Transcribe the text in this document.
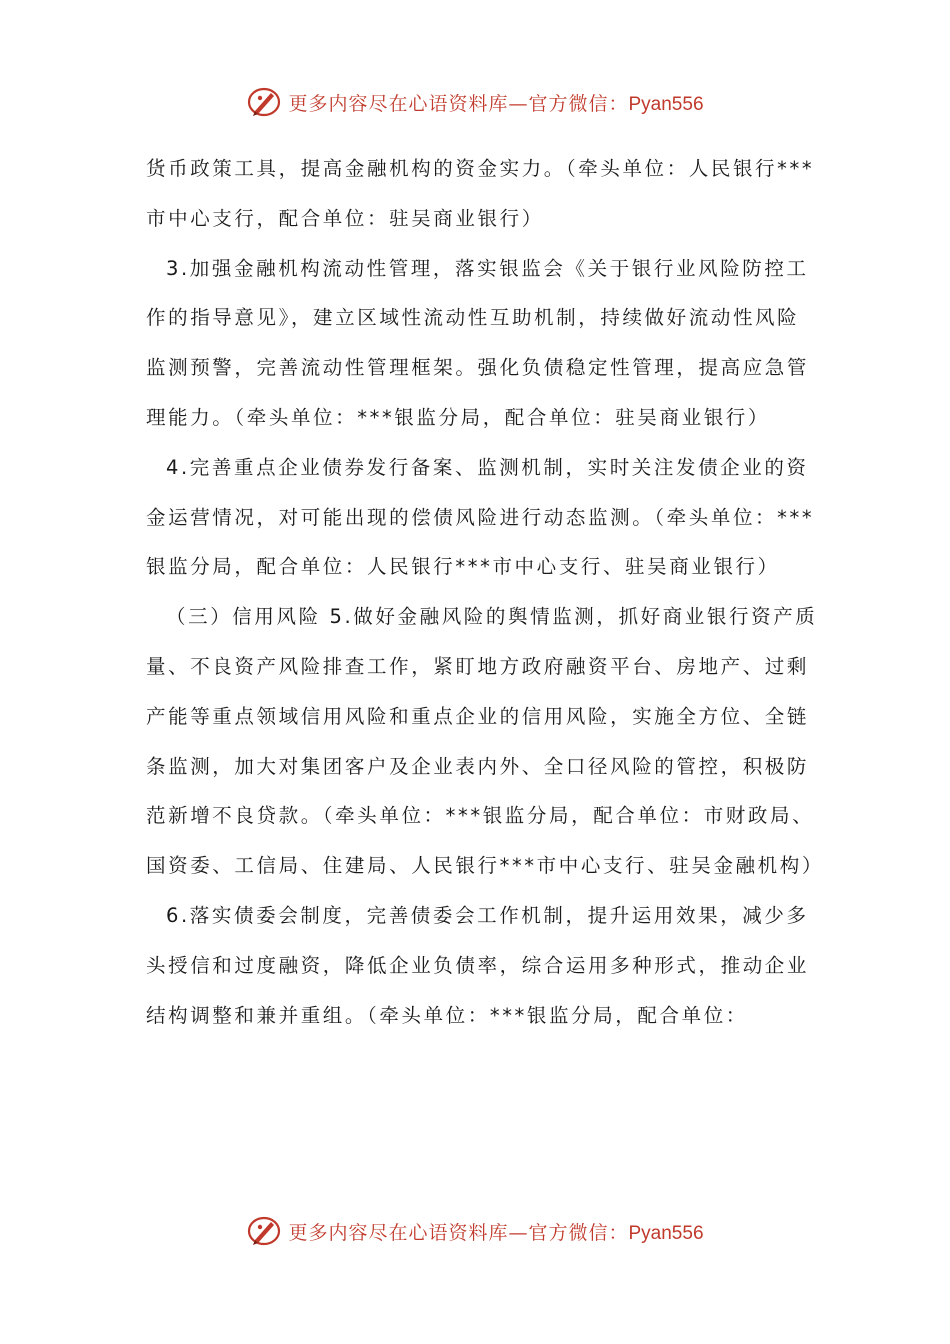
更多内容尽在心语资料库—官方微信：Pyan556

货币政策工具，提高金融机构的资金实力。（牵头单位：人民银行***市中心支行，配合单位：驻吴商业银行）

3.加强金融机构流动性管理，落实银监会《关于银行业风险防控工作的指导意见》，建立区域性流动性互助机制，持续做好流动性风险监测预警，完善流动性管理框架。强化负债稳定性管理，提高应急管理能力。（牵头单位：***银监分局，配合单位：驻吴商业银行）

4.完善重点企业债券发行备案、监测机制，实时关注发债企业的资金运营情况，对可能出现的偿债风险进行动态监测。（牵头单位：***银监分局，配合单位：人民银行***市中心支行、驻吴商业银行）

（三）信用风险 5.做好金融风险的舆情监测，抓好商业银行资产质量、不良资产风险排查工作，紧盯地方政府融资平台、房地产、过剩产能等重点领域信用风险和重点企业的信用风险，实施全方位、全链条监测，加大对集团客户及企业表内外、全口径风险的管控，积极防范新增不良贷款。（牵头单位：***银监分局，配合单位：市财政局、国资委、工信局、住建局、人民银行***市中心支行、驻吴金融机构）

6.落实债委会制度，完善债委会工作机制，提升运用效果，减少多头授信和过度融资，降低企业负债率，综合运用多种形式，推动企业结构调整和兼并重组。（牵头单位：***银监分局，配合单位：

更多内容尽在心语资料库—官方微信：Pyan556
